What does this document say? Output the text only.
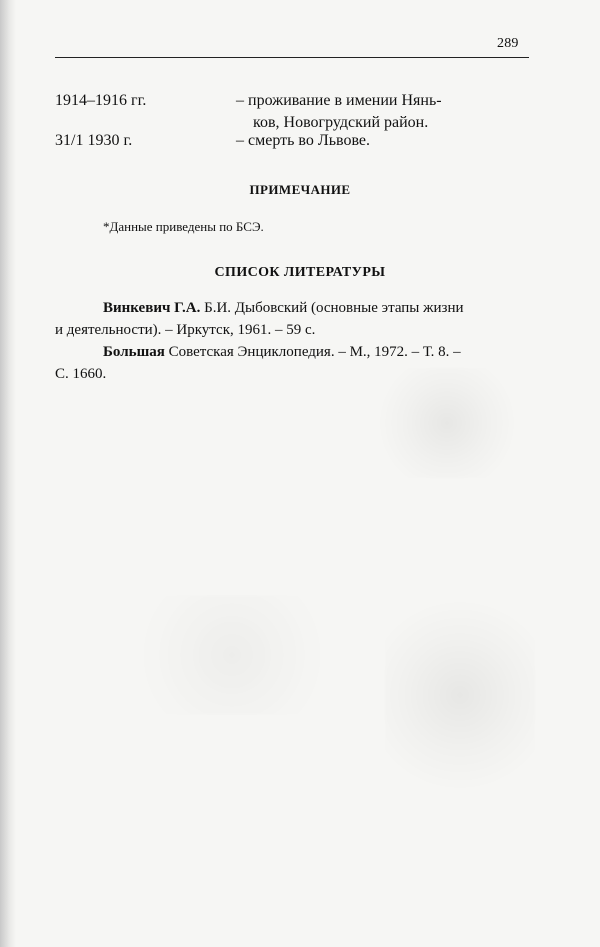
289
1914–1916 гг.	– проживание в имении Нянь-
ков, Новогрудский район.
31/1 1930 г.	– смерть во Львове.
ПРИМЕЧАНИЕ
*Данные приведены по БСЭ.
СПИСОК ЛИТЕРАТУРЫ
Винкевич Г.А. Б.И. Дыбовский (основные этапы жизни
и деятельности). – Иркутск, 1961. – 59 с.
Большая Советская Энциклопедия. – М., 1972. – Т. 8. –
С. 1660.
